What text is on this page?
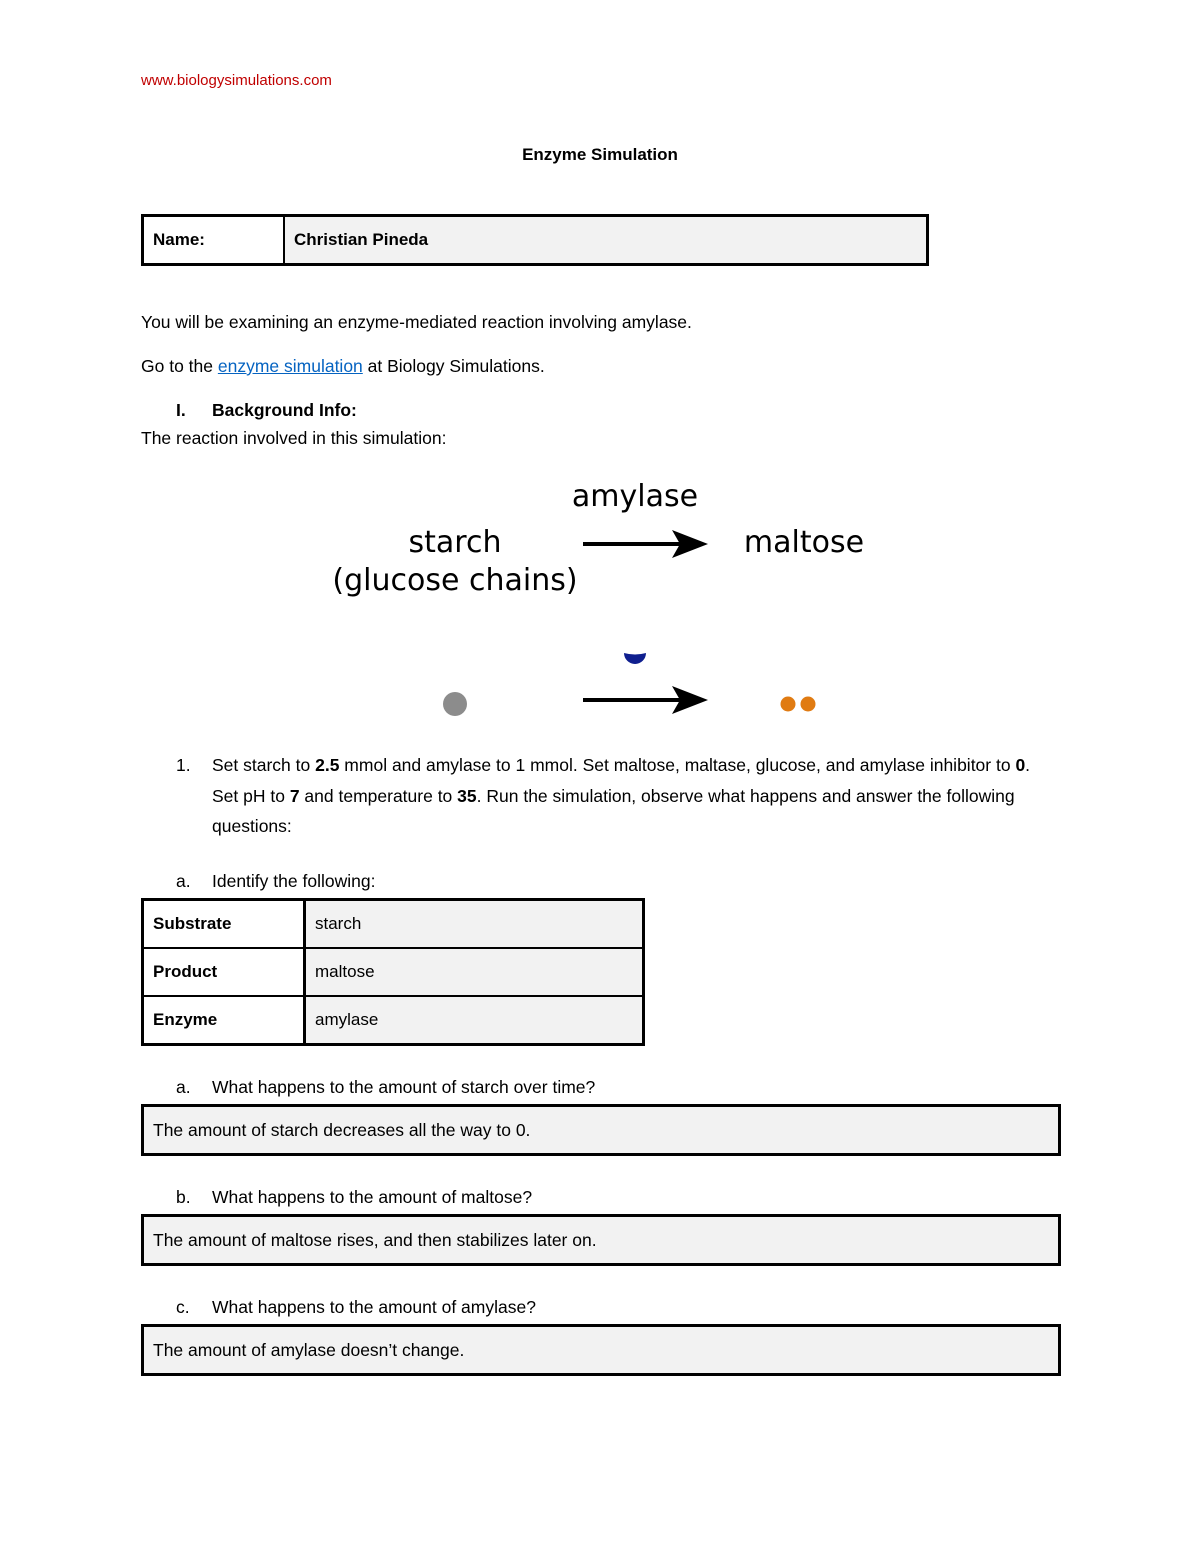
www.biologysimulations.com
Enzyme Simulation
Name:	Christian Pineda
You will be examining an enzyme-mediated reaction involving amylase.
Go to the enzyme simulation at Biology Simulations.
I. Background Info:
The reaction involved in this simulation:
amylase
starch
(glucose chains)
maltose
1.	Set starch to 2.5 mmol and amylase to 1 mmol. Set maltose, maltase, glucose, and amylase inhibitor to 0. Set pH to 7 and temperature to 35. Run the simulation, observe what happens and answer the following questions:
a.	Identify the following:
Substrate	starch
Product	maltose
Enzyme	amylase
a.	What happens to the amount of starch over time?
The amount of starch decreases all the way to 0.
b.	What happens to the amount of maltose?
The amount of maltose rises, and then stabilizes later on.
c.	What happens to the amount of amylase?
The amount of amylase doesn’t change.
